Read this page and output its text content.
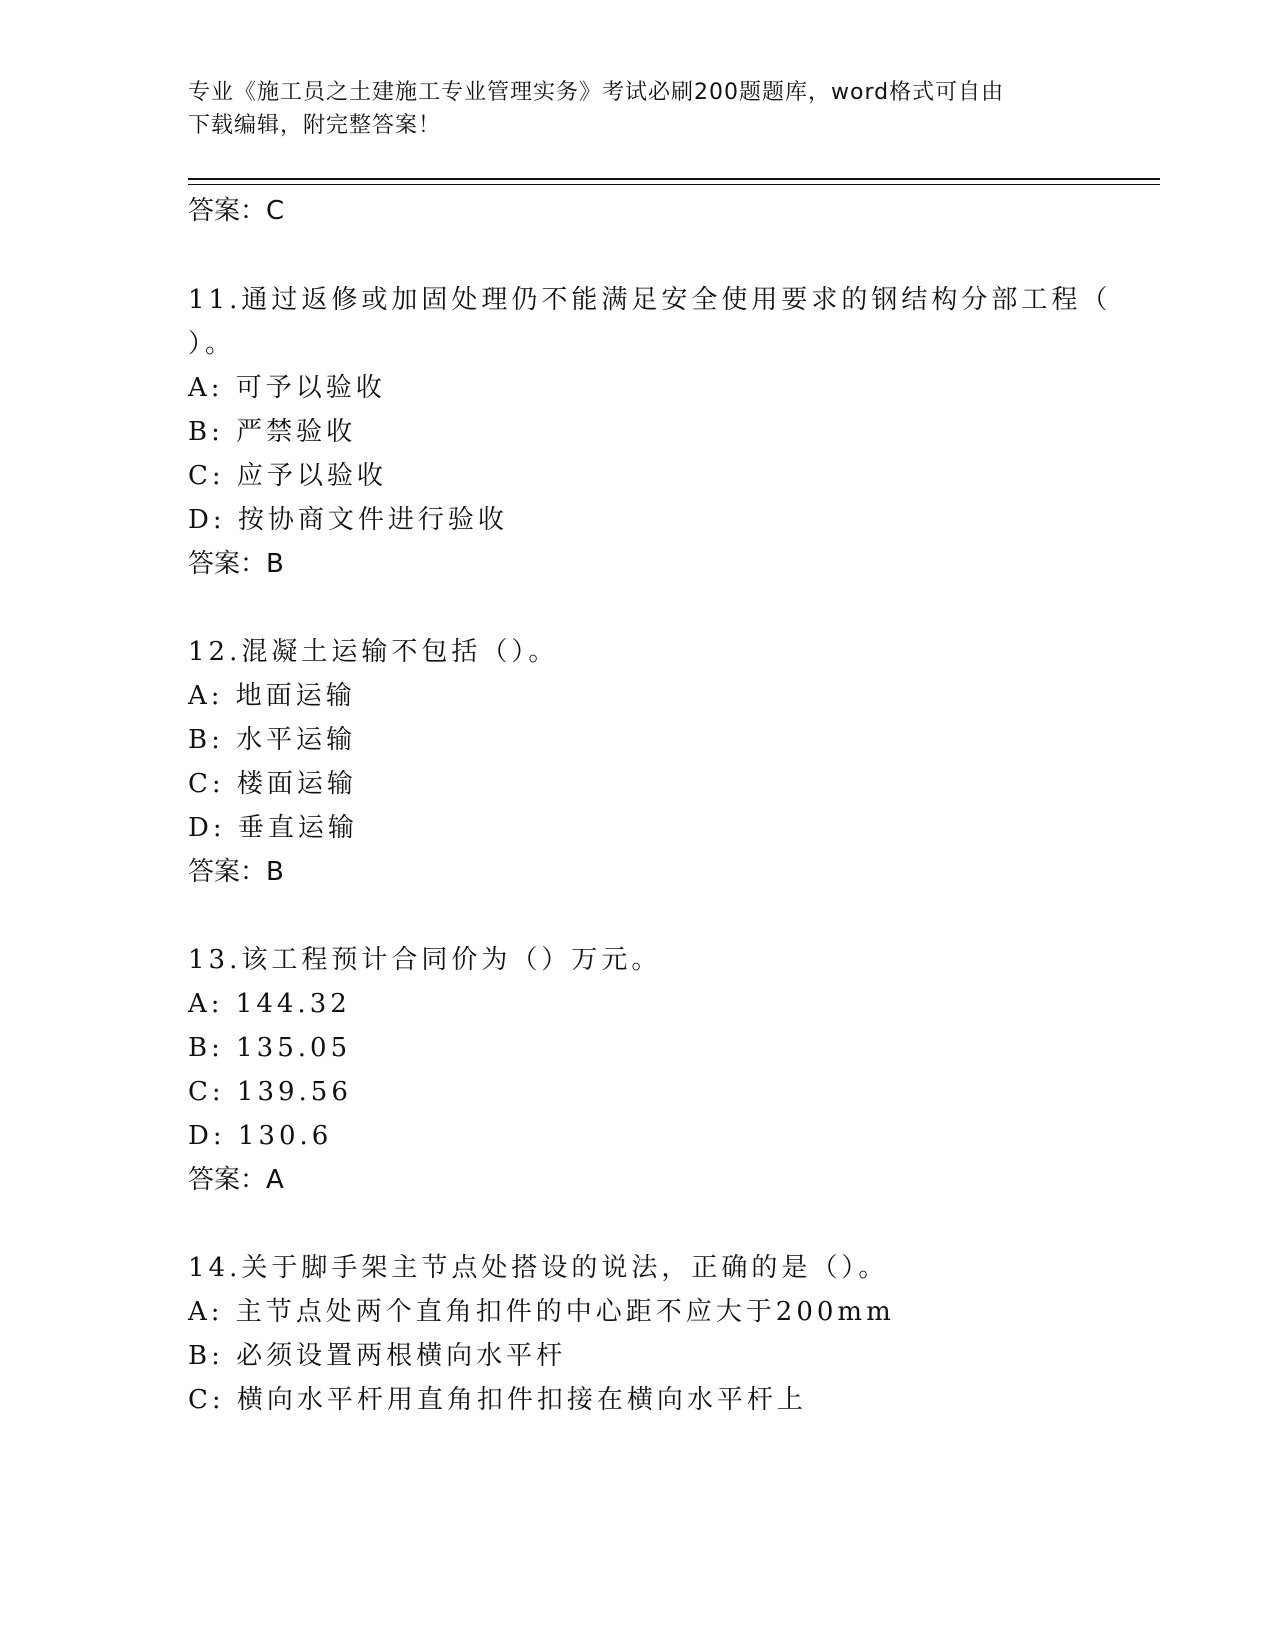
专业《施工员之土建施工专业管理实务》考试必刷200题题库，word格式可自由
下载编辑，附完整答案！
答案：C
11.通过返修或加固处理仍不能满足安全使用要求的钢结构分部工程（
）。
A: 可予以验收
B: 严禁验收
C: 应予以验收
D: 按协商文件进行验收
答案：B
12.混凝土运输不包括（）。
A: 地面运输
B: 水平运输
C: 楼面运输
D: 垂直运输
答案：B
13.该工程预计合同价为（）万元。
A: 144.32
B: 135.05
C: 139.56
D: 130.6
答案：A
14.关于脚手架主节点处搭设的说法，正确的是（）。
A: 主节点处两个直角扣件的中心距不应大于200mm
B: 必须设置两根横向水平杆
C: 横向水平杆用直角扣件扣接在横向水平杆上
